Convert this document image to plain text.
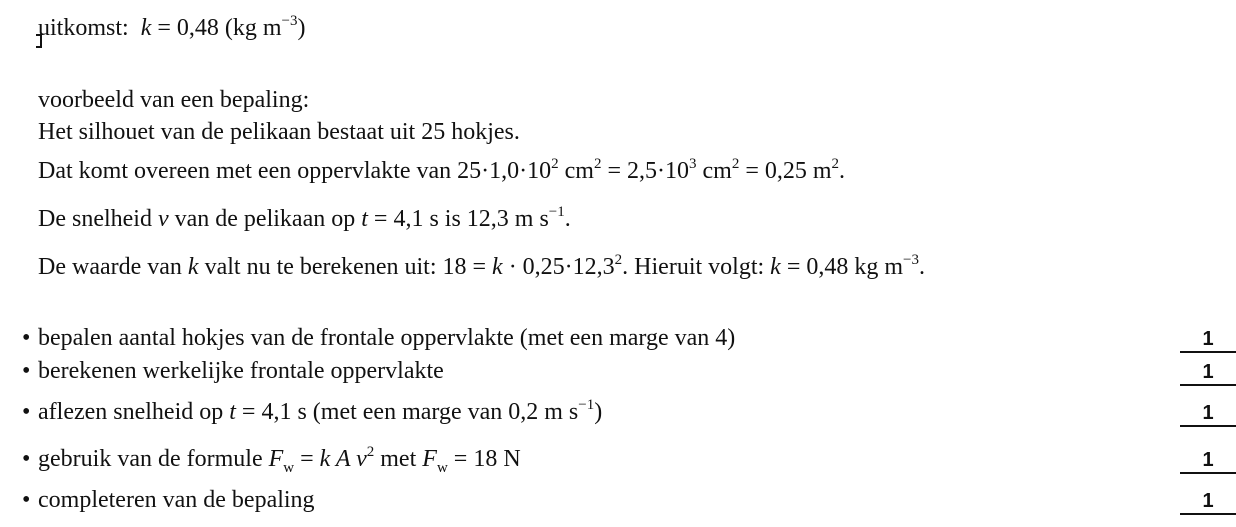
uitkomst: k = 0,48 (kg $m^{-3}$)
voorbeeld van een bepaling:
Het silhouet van de pelikaan bestaat uit 25 hokjes.
Dat komt overeen met een oppervlakte van $25\cdot 1,0\cdot 10^2$ $cm^2 = 2,5\cdot 10^3$ $cm^2 = 0,25$ $m^2$.
De snelheid v van de pelikaan op t = 4,1 s is 12,3 m $s^{-1}$.
De waarde van k valt nu te berekenen uit: $18 = k \cdot 0,25\cdot 12,3^2$. Hieruit volgt: k = 0,48 kg $m^{-3}$.
• bepalen aantal hokjes van de frontale oppervlakte (met een marge van 4)	1
• berekenen werkelijke frontale oppervlakte	1
• aflezen snelheid op t = 4,1 s (met een marge van 0,2 m $s^{-1}$)	1
• gebruik van de formule $F_w = k$ A $v^2$ met $F_w = 18$ N	1
• completeren van de bepaling	1
